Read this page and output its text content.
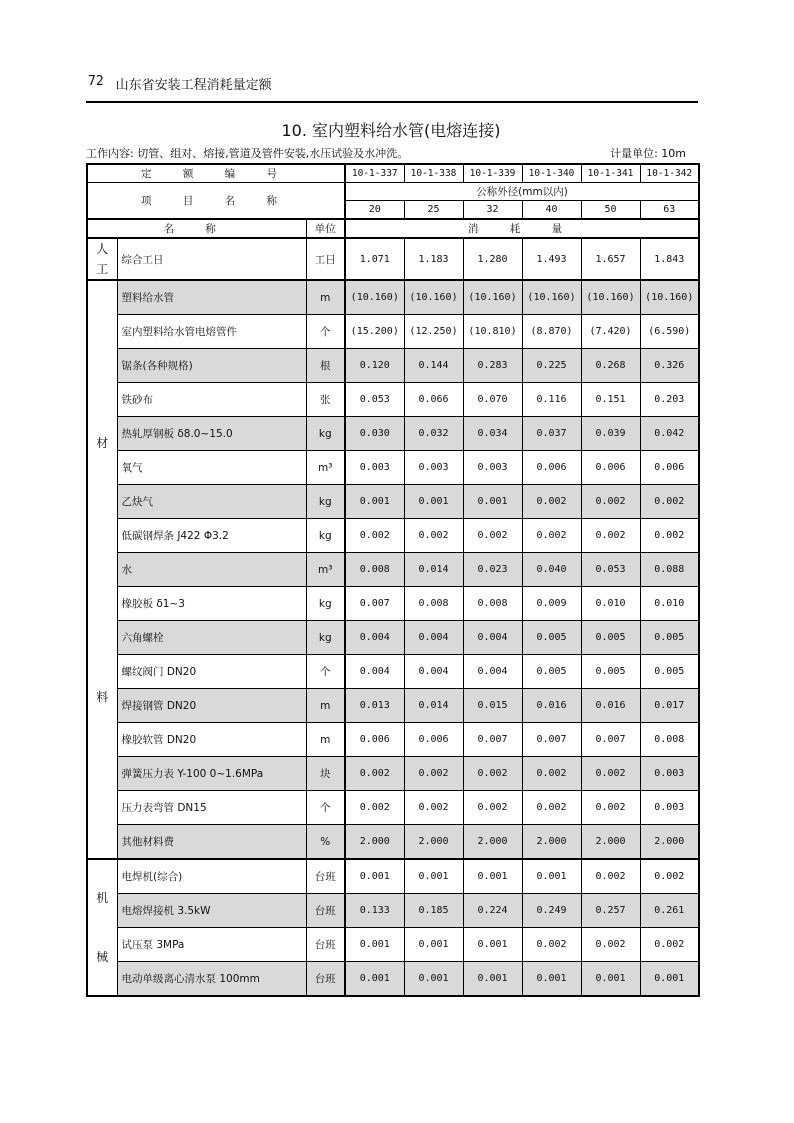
72 山东省安装工程消耗量定额
10. 室内塑料给水管(电熔连接)
工作内容: 切管、组对、熔接,管道及管件安装,水压试验及水冲洗。	计量单位: 10m
定 额 编 号			10-1-337	10-1-338	10-1-339	10-1-340	10-1-341	10-1-342
项 目 名 称			公称外径(mm以内)					
			20	25	32	40	50	63
名 称		单位	消 耗 量					

人
工	综合工日	工日	1.071	1.183	1.280	1.493	1.657	1.843

材
料	塑料给水管	m	(10.160)	(10.160)	(10.160)	(10.160)	(10.160)	(10.160)
	室内塑料给水管电熔管件	个	(15.200)	(12.250)	(10.810)	(8.870)	(7.420)	(6.590)
	锯条(各种规格)	根	0.120	0.144	0.283	0.225	0.268	0.326
	铁砂布	张	0.053	0.066	0.070	0.116	0.151	0.203
	热轧厚钢板 δ8.0~15.0	kg	0.030	0.032	0.034	0.037	0.039	0.042
	氧气	m³	0.003	0.003	0.003	0.006	0.006	0.006
	乙炔气	kg	0.001	0.001	0.001	0.002	0.002	0.002
	低碳钢焊条 J422 Φ3.2	kg	0.002	0.002	0.002	0.002	0.002	0.002
	水	m³	0.008	0.014	0.023	0.040	0.053	0.088
	橡胶板 δ1~3	kg	0.007	0.008	0.008	0.009	0.010	0.010
	六角螺栓	kg	0.004	0.004	0.004	0.005	0.005	0.005
	螺纹阀门 DN20	个	0.004	0.004	0.004	0.005	0.005	0.005
	焊接钢管 DN20	m	0.013	0.014	0.015	0.016	0.016	0.017
	橡胶软管 DN20	m	0.006	0.006	0.007	0.007	0.007	0.008
	弹簧压力表 Y-100 0~1.6MPa	块	0.002	0.002	0.002	0.002	0.002	0.003
	压力表弯管 DN15	个	0.002	0.002	0.002	0.002	0.002	0.003
	其他材料费	%	2.000	2.000	2.000	2.000	2.000	2.000

机
械	电焊机(综合)	台班	0.001	0.001	0.001	0.001	0.002	0.002
	电熔焊接机 3.5kW	台班	0.133	0.185	0.224	0.249	0.257	0.261
	试压泵 3MPa	台班	0.001	0.001	0.001	0.002	0.002	0.002
	电动单级离心清水泵 100mm	台班	0.001	0.001	0.001	0.001	0.001	0.001
